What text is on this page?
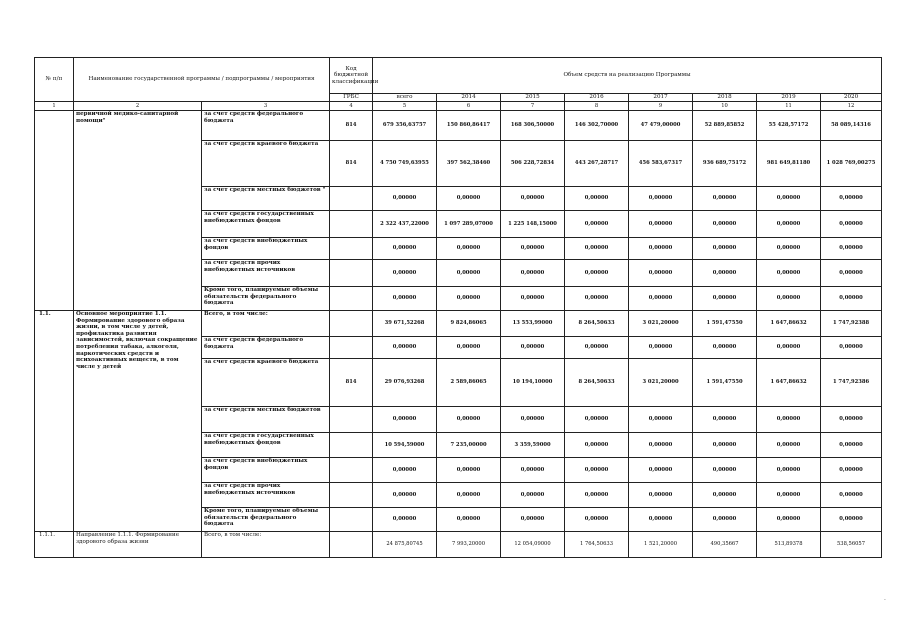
№ п/п	Наименование государственной программы / подпрограммы / мероприятия		Код бюджетной классификации	Объем средств на реализацию Программы							
			ГРБС	всего	2014	2015	2016	2017	2018	2019	2020
1	2	3	4	5	6	7	8	9	10	11	12
	первичной медико-санитарной помощи"	за счет средств федерального бюджета	814	679 356,63757	150 860,86417	168 306,50000	146 302,70000	47 479,00000	52 889,85852	55 428,57172	58 089,14316
		за счет средств краевого бюджета	814	4 750 749,63955	397 562,38460	506 228,72834	443 267,28717	456 583,67317	936 689,75172	981 649,81180	1 028 769,00275
		за счет средств местных бюджетов "		0,00000	0,00000	0,00000	0,00000	0,00000	0,00000	0,00000	0,00000
		за счет средств государственных внебюджетных фондов		2 322 437,22000	1 097 289,07000	1 225 148,15000	0,00000	0,00000	0,00000	0,00000	0,00000
		за счет средств внебюджетных фондов		0,00000	0,00000	0,00000	0,00000	0,00000	0,00000	0,00000	0,00000
		за счет средств прочих внебюджетных источников		0,00000	0,00000	0,00000	0,00000	0,00000	0,00000	0,00000	0,00000
		Кроме того, планируемые объемы обязательств федерального бюджета		0,00000	0,00000	0,00000	0,00000	0,00000	0,00000	0,00000	0,00000
1.1.	Основное мероприятие 1.1. Формирование здорового образа жизни, в том числе у детей, профилактика развития зависимостей, включая сокращение потребления табака, алкоголя, наркотических средств и психоактивных веществ, в том числе у детей	Всего, в том числе:		39 671,52268	9 824,86065	13 553,99000	8 264,50633	3 021,20000	1 591,47550	1 647,86632	1 747,92388
		за счет средств федерального бюджета		0,00000	0,00000	0,00000	0,00000	0,00000	0,00000	0,00000	0,00000
		за счет средств краевого бюджета	814	29 076,93268	2 589,86065	10 194,10000	8 264,50633	3 021,20000	1 591,47550	1 647,86632	1 747,92386
		за счет средств местных бюджетов		0,00000	0,00000	0,00000	0,00000	0,00000	0,00000	0,00000	0,00000
		за счет средств государственных внебюджетных фондов		10 594,59000	7 235,00000	3 359,59000	0,00000	0,00000	0,00000	0,00000	0,00000
		за счет средств внебюджетных фондов		0,00000	0,00000	0,00000	0,00000	0,00000	0,00000	0,00000	0,00000
		за счет средств прочих внебюджетных источников		0,00000	0,00000	0,00000	0,00000	0,00000	0,00000	0,00000	0,00000
		Кроме того, планируемые объемы обязательств федерального бюджета		0,00000	0,00000	0,00000	0,00000	0,00000	0,00000	0,00000	0,00000
1.1.1.	Направление 1.1.1. Формирование здорового образа жизни	Всего, в том числе:		24 875,80745	7 993,20000	12 054,09000	1 764,50633	1 521,20000	490,35667	513,89378	538,56057
·
